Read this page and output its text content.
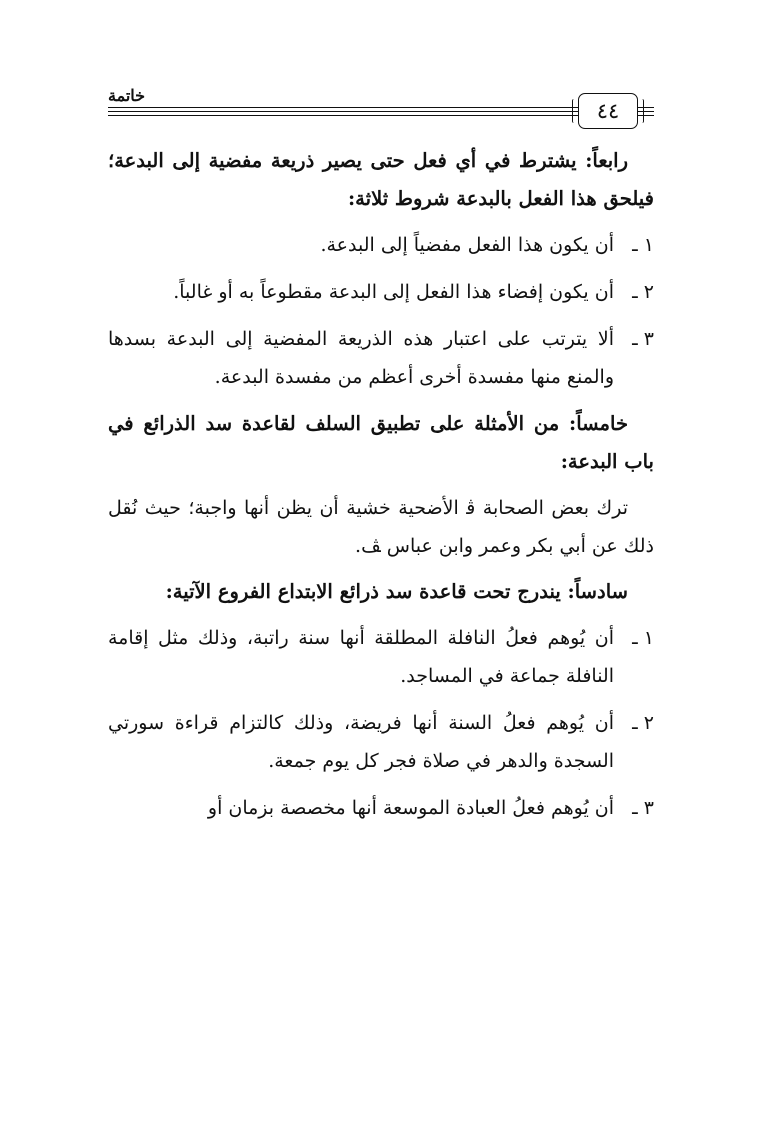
خاتمة
٤٤

رابعاً: يشترط في أي فعل حتى يصير ذريعة مفضية إلى البدعة؛ فيلحق هذا الفعل بالبدعة شروط ثلاثة:

١ ـ
أن يكون هذا الفعل مفضياً إلى البدعة.
٢ ـ
أن يكون إفضاء هذا الفعل إلى البدعة مقطوعاً به أو غالباً.
٣ ـ
ألا يترتب على اعتبار هذه الذريعة المفضية إلى البدعة بسدها والمنع منها مفسدة أخرى أعظم من مفسدة البدعة.

خامساً: من الأمثلة على تطبيق السلف لقاعدة سد الذرائع في باب البدعة:

ترك بعض الصحابة ﭬ الأضحية خشية أن يظن أنها واجبة؛ حيث نُقل ذلك عن أبي بكر وعمر وابن عباس ﭫ.

سادساً: يندرج تحت قاعدة سد ذرائع الابتداع الفروع الآتية:

١ ـ
أن يُوهم فعلُ النافلة المطلقة أنها سنة راتبة، وذلك مثل إقامة النافلة جماعة في المساجد.
٢ ـ
أن يُوهم فعلُ السنة أنها فريضة، وذلك كالتزام قراءة سورتي السجدة والدهر في صلاة فجر كل يوم جمعة.
٣ ـ
أن يُوهم فعلُ العبادة الموسعة أنها مخصصة بزمان أو
